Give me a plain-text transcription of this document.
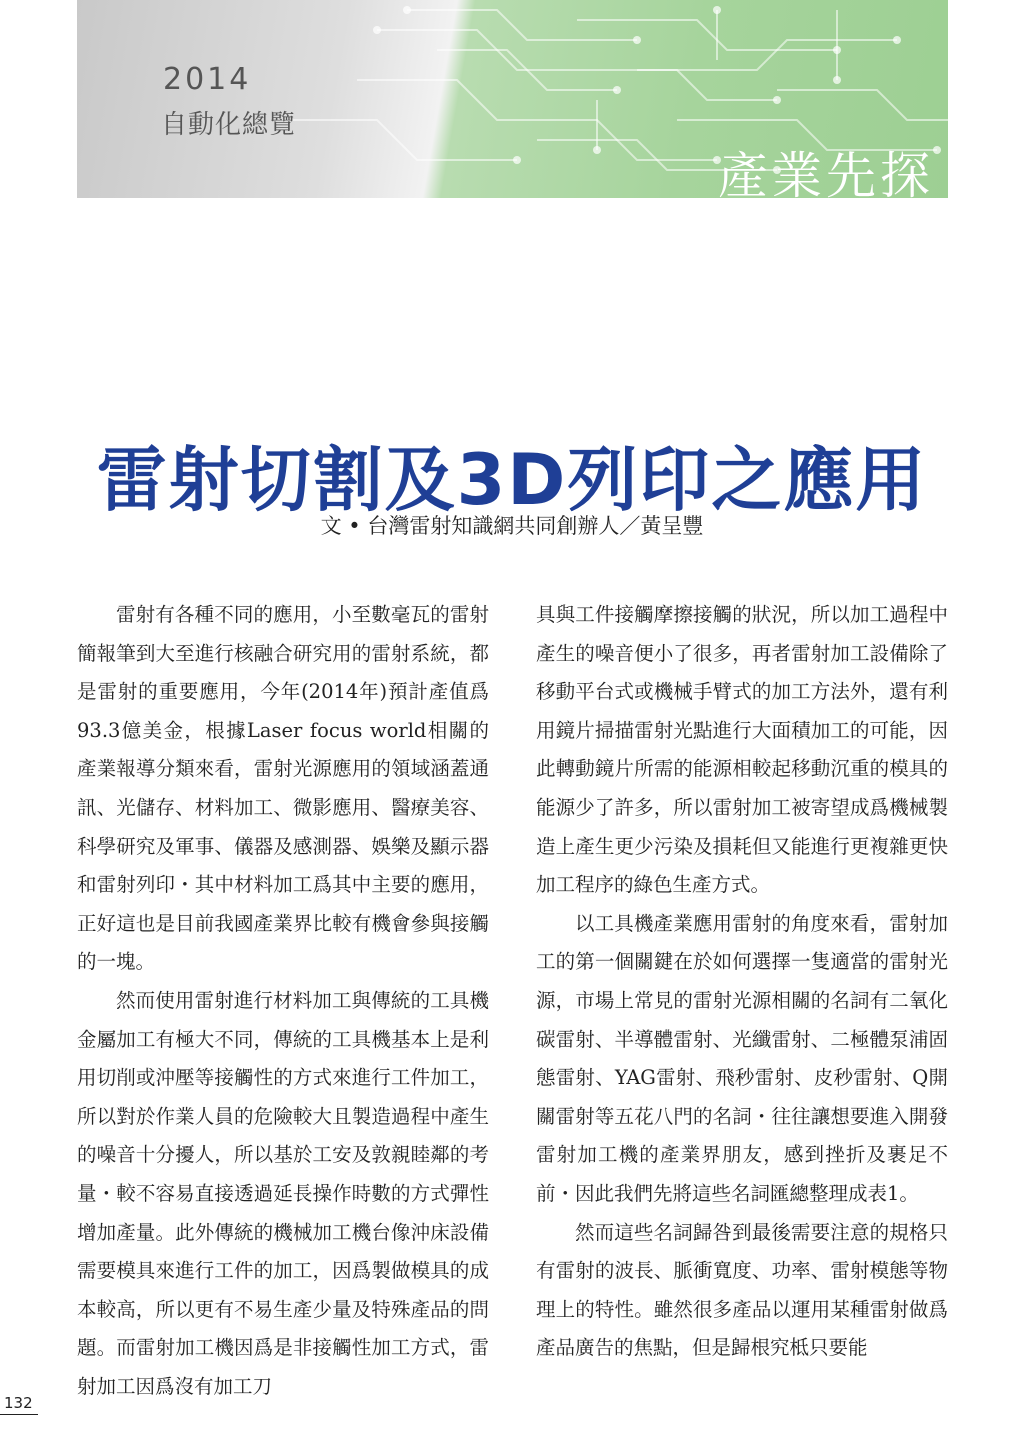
2014
自動化總覽
產業先探
雷射切割及3D列印之應用
文 • 台灣雷射知識網共同創辦人／黃呈豐

雷射有各種不同的應用，小至數毫瓦的雷射簡報筆到大至進行核融合研究用的雷射系統，都是雷射的重要應用，今年(2014年)預計產值爲93.3億美金，根據Laser focus world相關的產業報導分類來看，雷射光源應用的領域涵蓋通訊、光儲存、材料加工、微影應用、醫療美容、科學研究及軍事、儀器及感測器、娛樂及顯示器和雷射列印・其中材料加工爲其中主要的應用，正好這也是目前我國產業界比較有機會參與接觸的一塊。

然而使用雷射進行材料加工與傳統的工具機金屬加工有極大不同，傳統的工具機基本上是利用切削或沖壓等接觸性的方式來進行工件加工，所以對於作業人員的危險較大且製造過程中產生的噪音十分擾人，所以基於工安及敦親睦鄰的考量・較不容易直接透過延長操作時數的方式彈性增加產量。此外傳統的機械加工機台像沖床設備需要模具來進行工件的加工，因爲製做模具的成本較高，所以更有不易生產少量及特殊產品的問題。而雷射加工機因爲是非接觸性加工方式，雷射加工因爲沒有加工刀

具與工件接觸摩擦接觸的狀況，所以加工過程中產生的噪音便小了很多，再者雷射加工設備除了移動平台式或機械手臂式的加工方法外，還有利用鏡片掃描雷射光點進行大面積加工的可能，因此轉動鏡片所需的能源相較起移動沉重的模具的能源少了許多，所以雷射加工被寄望成爲機械製造上產生更少污染及損耗但又能進行更複雜更快加工程序的綠色生產方式。

以工具機產業應用雷射的角度來看，雷射加工的第一個關鍵在於如何選擇一隻適當的雷射光源，市場上常見的雷射光源相關的名詞有二氧化碳雷射、半導體雷射、光纖雷射、二極體泵浦固態雷射、YAG雷射、飛秒雷射、皮秒雷射、Q開關雷射等五花八門的名詞・往往讓想要進入開發雷射加工機的產業界朋友，感到挫折及裹足不前・因此我們先將這些名詞匯總整理成表1。

然而這些名詞歸咎到最後需要注意的規格只有雷射的波長、脈衝寬度、功率、雷射模態等物理上的特性。雖然很多產品以運用某種雷射做爲產品廣告的焦點，但是歸根究柢只要能

132
